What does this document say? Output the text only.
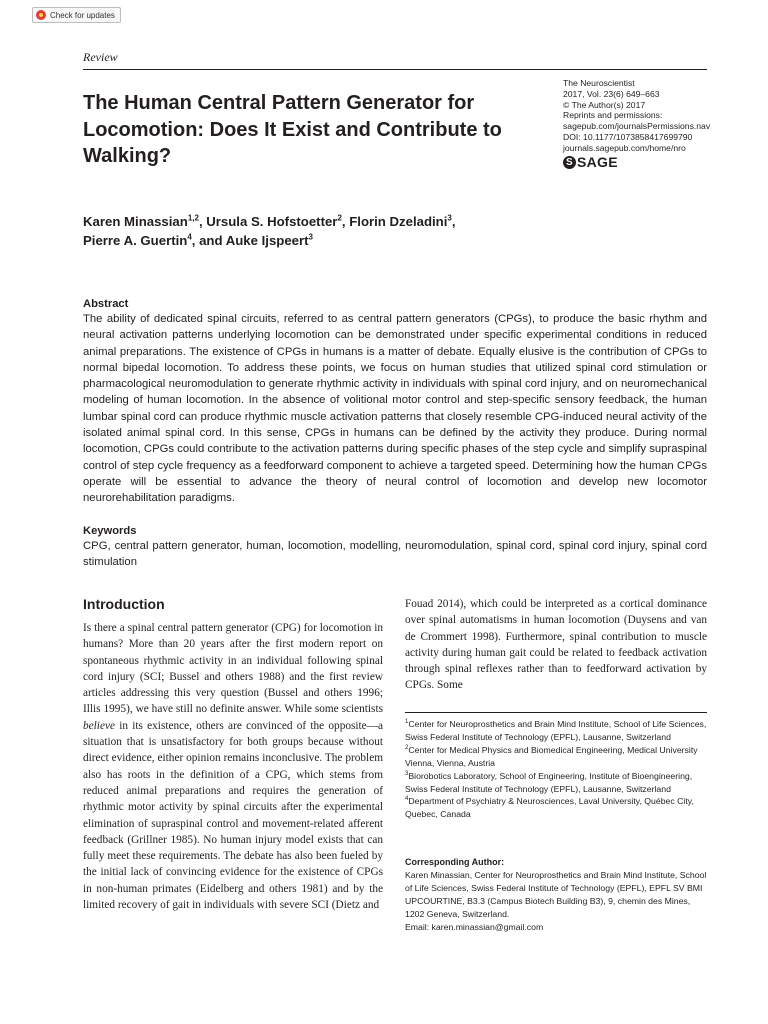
Check for updates
Review
The Human Central Pattern Generator for Locomotion: Does It Exist and Contribute to Walking?
The Neuroscientist
2017, Vol. 23(6) 649–663
© The Author(s) 2017
Reprints and permissions:
sagepub.com/journalsPermissions.nav
DOI: 10.1177/1073858417699790
journals.sagepub.com/home/nro
S SAGE
Karen Minassian$^{1,2}$, Ursula S. Hofstoetter$^2$, Florin Dzeladini$^3$,
Pierre A. Guertin$^4$, and Auke Ijspeert$^3$
Abstract

The ability of dedicated spinal circuits, referred to as central pattern generators (CPGs), to produce the basic rhythm and neural activation patterns underlying locomotion can be demonstrated under specific experimental conditions in reduced animal preparations. The existence of CPGs in humans is a matter of debate. Equally elusive is the contribution of CPGs to normal bipedal locomotion. To address these points, we focus on human studies that utilized spinal cord stimulation or pharmacological neuromodulation to generate rhythmic activity in individuals with spinal cord injury, and on neuromechanical modeling of human locomotion. In the absence of volitional motor control and step-specific sensory feedback, the human lumbar spinal cord can produce rhythmic muscle activation patterns that closely resemble CPG-induced neural activity of the isolated animal spinal cord. In this sense, CPGs in humans can be defined by the activity they produce. During normal locomotion, CPGs could contribute to the activation patterns during specific phases of the step cycle and simplify supraspinal control of step cycle frequency as a feedforward component to achieve a targeted speed. Determining how the human CPGs operate will be essential to advance the theory of neural control of locomotion and develop new locomotor neurorehabilitation paradigms.

Keywords

CPG, central pattern generator, human, locomotion, modelling, neuromodulation, spinal cord, spinal cord injury, spinal cord stimulation

Introduction

Is there a spinal central pattern generator (CPG) for locomotion in humans? More than 20 years after the first modern report on spontaneous rhythmic activity in an individual following spinal cord injury (SCI; Bussel and others 1988) and the first review articles addressing this very question (Bussel and others 1996; Illis 1995), we have still no definite answer. While some scientists believe in its existence, others are convinced of the opposite—a situation that is unsatisfactory for both groups because without direct evidence, either opinion remains inconclusive. The problem also has roots in the definition of a CPG, which stems from reduced animal preparations and requires the generation of rhythmic motor activity by spinal circuits after the experimental elimination of supraspinal control and movement-related afferent feedback (Grillner 1985). No human injury model exists that can fully meet these requirements. The debate has also been fueled by the initial lack of convincing evidence for the existence of CPGs in non-human primates (Eidelberg and others 1981) and by the limited recovery of gait in individuals with severe SCI (Dietz and

Fouad 2014), which could be interpreted as a cortical dominance over spinal automatisms in human locomotion (Duysens and van de Crommert 1998). Furthermore, spinal contribution to muscle activity during human gait could be related to feedback activation through spinal reflexes rather than to feedforward activation by CPGs. Some

$^1$Center for Neuroprosthetics and Brain Mind Institute, School of Life Sciences, Swiss Federal Institute of Technology (EPFL), Lausanne, Switzerland

$^2$Center for Medical Physics and Biomedical Engineering, Medical University Vienna, Vienna, Austria

$^3$Biorobotics Laboratory, School of Engineering, Institute of Bioengineering, Swiss Federal Institute of Technology (EPFL), Lausanne, Switzerland

$^4$Department of Psychiatry & Neurosciences, Laval University, Québec City, Quebec, Canada

Corresponding Author:
Karen Minassian, Center for Neuroprosthetics and Brain Mind Institute, School of Life Sciences, Swiss Federal Institute of Technology (EPFL), EPFL SV BMI UPCOURTINE, B3.3 (Campus Biotech Building B3), 9, chemin des Mines, 1202 Geneva, Switzerland.
Email: karen.minassian@gmail.com
